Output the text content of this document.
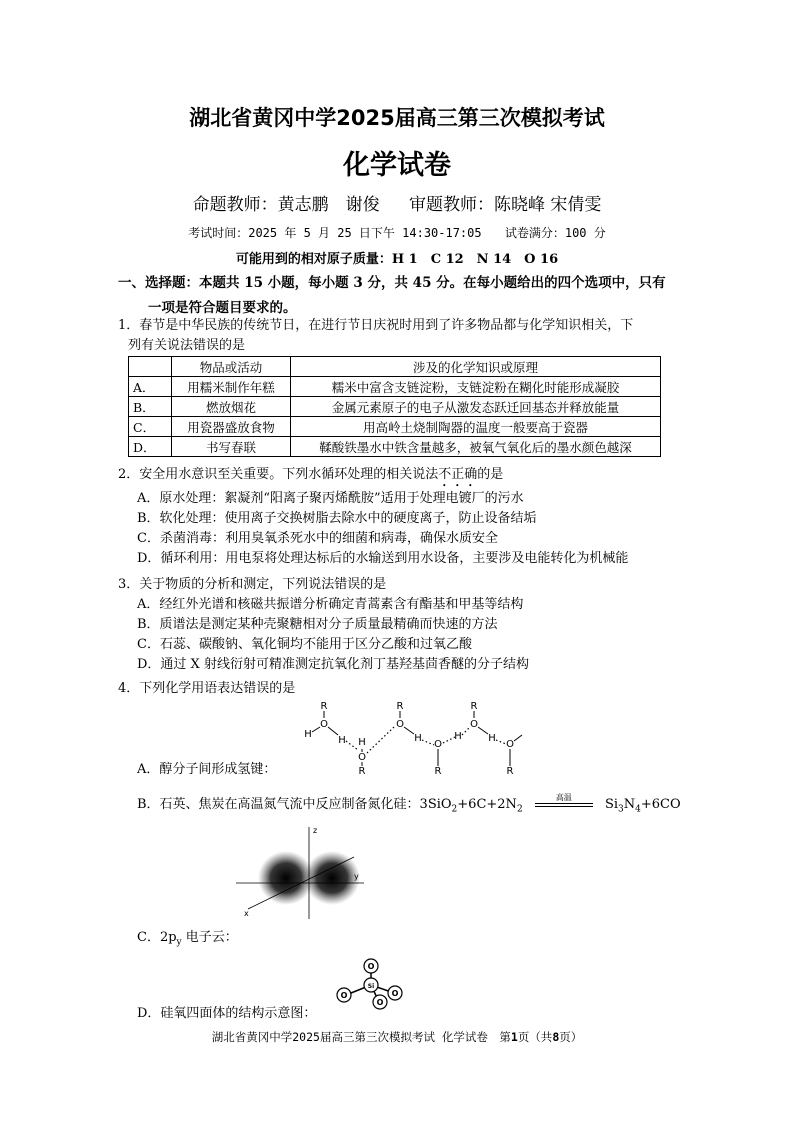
湖北省黄冈中学2025届高三第三次模拟考试
化学试卷
命题教师：黄志鹏　谢俊 审题教师：陈晓峰 宋倩雯
考试时间：2025 年 5 月 25 日下午 14:30-17:05 试卷满分：100 分
可能用到的相对原子质量：H 1　C 12　N 14　O 16
一、选择题：本题共 15 小题，每小题 3 分，共 45 分。在每小题给出的四个选项中，只有
一项是符合题目要求的。
1．春节是中华民族的传统节日，在进行节日庆祝时用到了许多物品都与化学知识相关，下
列有关说法错误的是
	物品或活动	涉及的化学知识或原理
A．	用糯米制作年糕	糯米中富含支链淀粉，支链淀粉在糊化时能形成凝胶
B．	燃放烟花	金属元素原子的电子从激发态跃迁回基态并释放能量
C．	用瓷器盛放食物	用高岭土烧制陶器的温度一般要高于瓷器
D．	书写春联	鞣酸铁墨水中铁含量越多，被氧气氧化后的墨水颜色越深
2．安全用水意识至关重要。下列水循环处理的相关说法不正确的是
A．原水处理：絮凝剂“阳离子聚丙烯酰胺”适用于处理电镀厂的污水
B．软化处理：使用离子交换树脂去除水中的硬度离子，防止设备结垢
C．杀菌消毒：利用臭氧杀死水中的细菌和病毒，确保水质安全
D．循环利用：用电泵将处理达标后的水输送到用水设备，主要涉及电能转化为机械能
3．关于物质的分析和测定，下列说法错误的是
A．经红外光谱和核磁共振谱分析确定青蒿素含有酯基和甲基等结构
B．质谱法是测定某种壳聚糖相对分子质量最精确而快速的方法
C．石蕊、碳酸钠、氧化铜均不能用于区分乙酸和过氧乙酸
D．通过 X 射线衍射可精准测定抗氧化剂丁基羟基茴香醚的分子结构
4．下列化学用语表达错误的是
R
O
H
H H
O
R
R
O
H
O
R
H
R
O
H
O
R
A．醇分子间形成氢键：
B．石英、焦炭在高温氮气流中反应制备氮化硅：$3SiO_2+6C+2N_2$
高温	$Si_3N_4+6CO$
z
y
x
C．$2p_y$ 电子云：
O
O	O
O
Si
D．硅氧四面体的结构示意图：
湖北省黄冈中学2025届高三第三次模拟考试 化学试卷　第1页（共8页）
